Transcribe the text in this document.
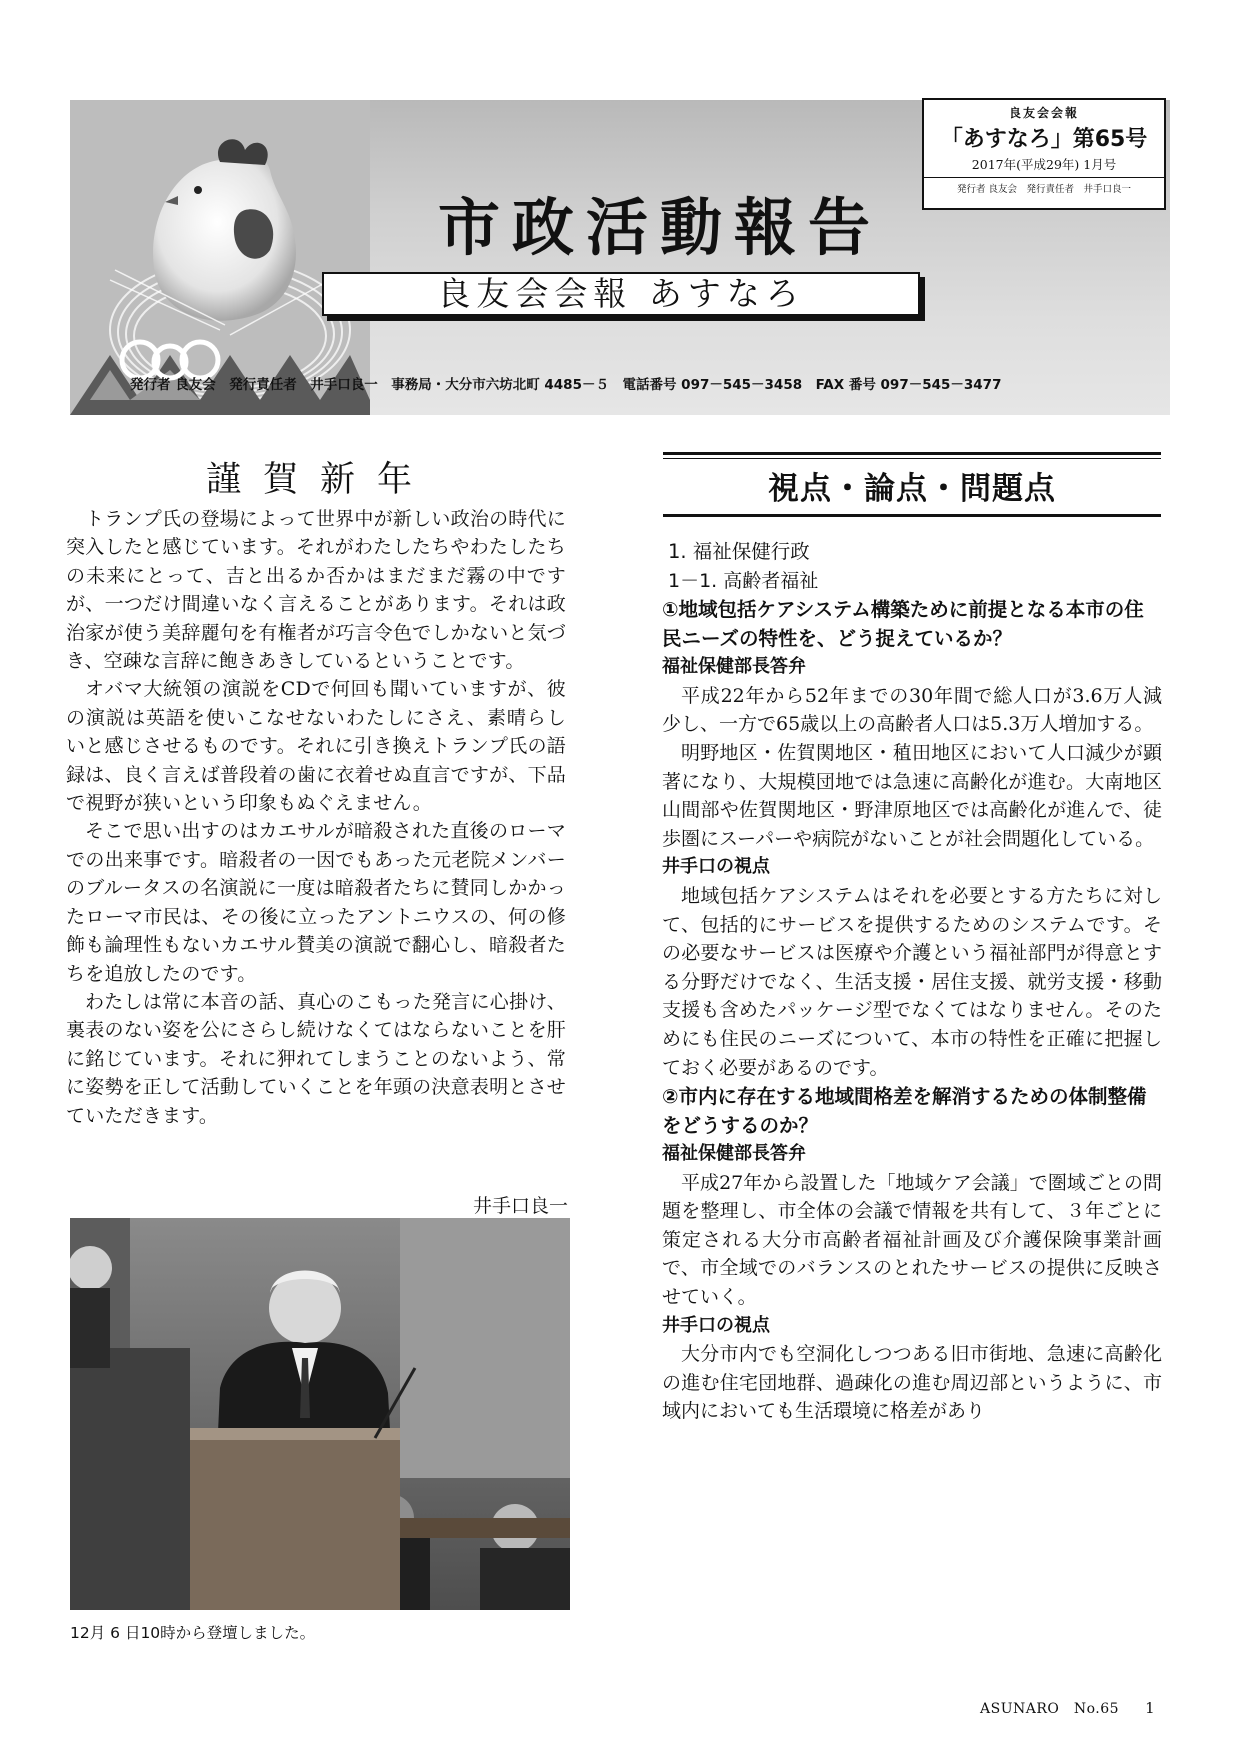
市政活動報告
良友会会報 あすなろ

発行者 良友会　発行責任者　井手口良一　事務局・大分市六坊北町 4485－５　電話番号 097－545－3458　FAX 番号 097－545－3477

良友会会報
「あすなろ」第65号
2017年(平成29年) 1月号
発行者 良友会　発行責任者　井手口良一
謹賀新年

トランプ氏の登場によって世界中が新しい政治の時代に突入したと感じています。それがわたしたちやわたしたちの未来にとって、吉と出るか否かはまだまだ霧の中ですが、一つだけ間違いなく言えることがあります。それは政治家が使う美辞麗句を有権者が巧言令色でしかないと気づき、空疎な言辞に飽きあきしているということです。

オバマ大統領の演説をCDで何回も聞いていますが、彼の演説は英語を使いこなせないわたしにさえ、素晴らしいと感じさせるものです。それに引き換えトランプ氏の語録は、良く言えば普段着の歯に衣着せぬ直言ですが、下品で視野が狭いという印象もぬぐえません。

そこで思い出すのはカエサルが暗殺された直後のローマでの出来事です。暗殺者の一因でもあった元老院メンバーのブルータスの名演説に一度は暗殺者たちに賛同しかかったローマ市民は、その後に立ったアントニウスの、何の修飾も論理性もないカエサル賛美の演説で翻心し、暗殺者たちを追放したのです。

わたしは常に本音の話、真心のこもった発言に心掛け、裏表のない姿を公にさらし続けなくてはならないことを肝に銘じています。それに狎れてしまうことのないよう、常に姿勢を正して活動していくことを年頭の決意表明とさせていただきます。

井手口良一

12月 6 日10時から登壇しました。

視点・論点・問題点

1. 福祉保健行政

1－1. 高齢者福祉

①地域包括ケアシステム構築ために前提となる本市の住民ニーズの特性を、どう捉えているか？

福祉保健部長答弁

平成22年から52年までの30年間で総人口が3.6万人減少し、一方で65歳以上の高齢者人口は5.3万人増加する。

明野地区・佐賀関地区・稙田地区において人口減少が顕著になり、大規模団地では急速に高齢化が進む。大南地区山間部や佐賀関地区・野津原地区では高齢化が進んで、徒歩圏にスーパーや病院がないことが社会問題化している。

井手口の視点

地域包括ケアシステムはそれを必要とする方たちに対して、包括的にサービスを提供するためのシステムです。その必要なサービスは医療や介護という福祉部門が得意とする分野だけでなく、生活支援・居住支援、就労支援・移動支援も含めたパッケージ型でなくてはなりません。そのためにも住民のニーズについて、本市の特性を正確に把握しておく必要があるのです。

②市内に存在する地域間格差を解消するための体制整備をどうするのか？

福祉保健部長答弁

平成27年から設置した「地域ケア会議」で圏域ごとの問題を整理し、市全体の会議で情報を共有して、３年ごとに策定される大分市高齢者福祉計画及び介護保険事業計画で、市全域でのバランスのとれたサービスの提供に反映させていく。

井手口の視点

大分市内でも空洞化しつつある旧市街地、急速に高齢化の進む住宅団地群、過疎化の進む周辺部というように、市域内においても生活環境に格差があり

ASUNARO　No.65 1
